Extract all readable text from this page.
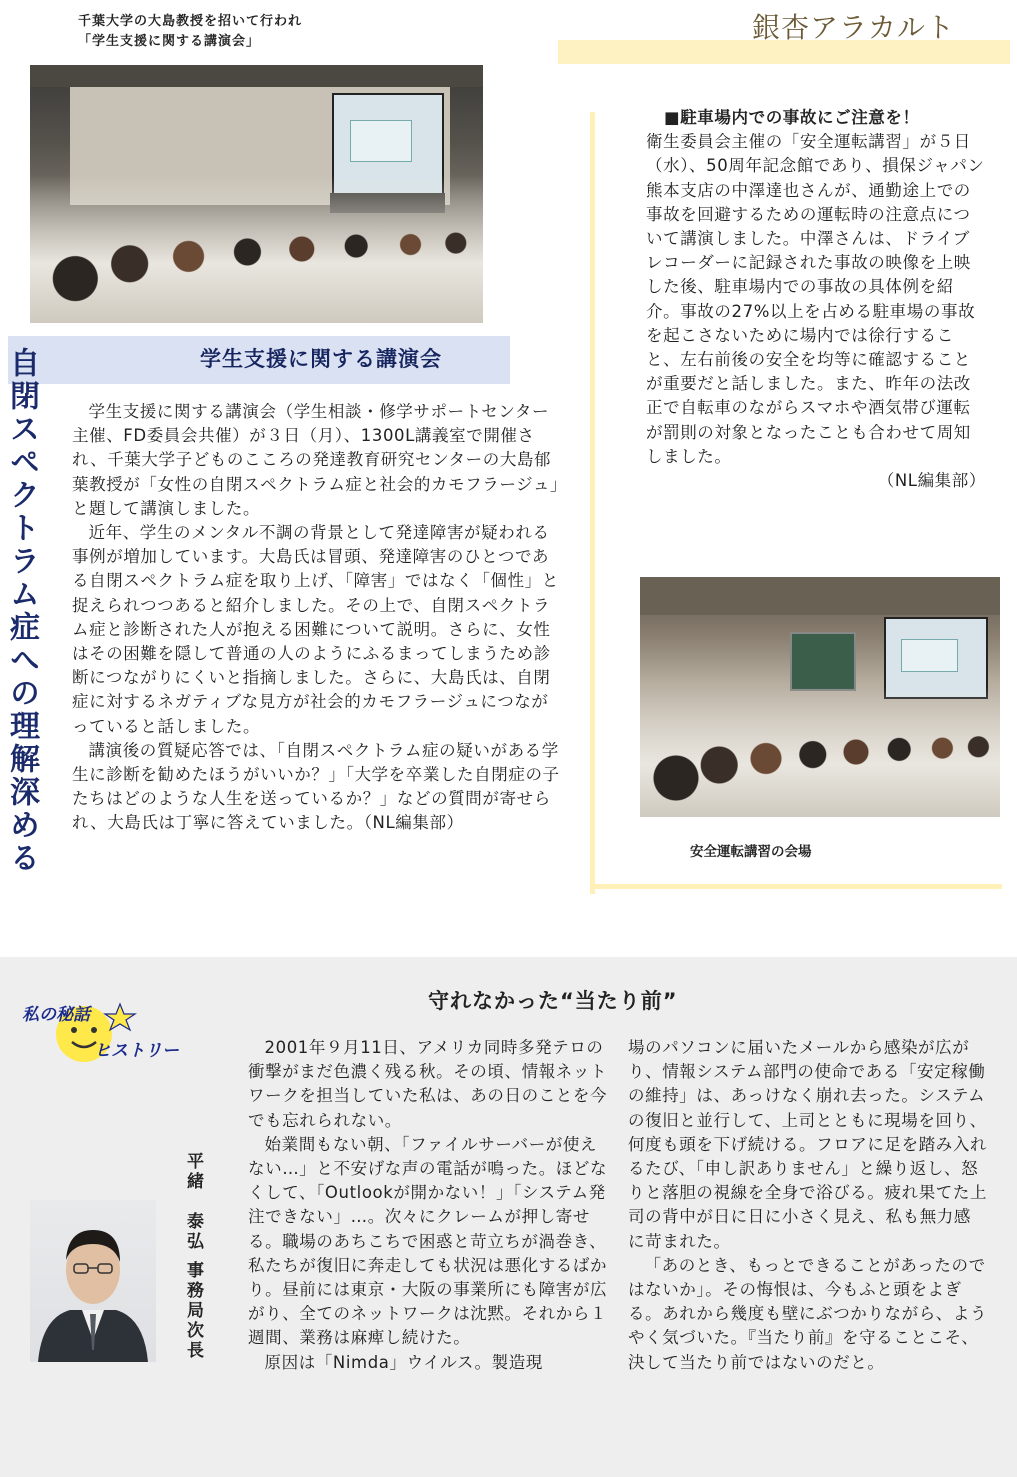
千葉大学の大島教授を招いて行われ
「学生支援に関する講演会」
学生支援に関する講演会
自閉スペクトラム症への理解深める	学生支援に関する講演会（学生相談・修学サポートセンター主催、FD委員会共催）が３日（月）、1300L講義室で開催され、千葉大学子どものこころの発達教育研究センターの大島郁葉教授が「女性の自閉スペクトラム症と社会的カモフラージュ」と題して講演しました。

近年、学生のメンタル不調の背景として発達障害が疑われる事例が増加しています。大島氏は冒頭、発達障害のひとつである自閉スペクトラム症を取り上げ、「障害」ではなく「個性」と捉えられつつあると紹介しました。その上で、自閉スペクトラム症と診断された人が抱える困難について説明。さらに、女性はその困難を隠して普通の人のようにふるまってしまうため診断につながりにくいと指摘しました。さらに、大島氏は、自閉症に対するネガティブな見方が社会的カモフラージュにつながっていると話しました。

講演後の質疑応答では、「自閉スペクトラム症の疑いがある学生に診断を勧めたほうがいいか？」「大学を卒業した自閉症の子たちはどのような人生を送っているか？」などの質問が寄せられ、大島氏は丁寧に答えていました。（NL編集部）

銀杏アラカルト

■駐車場内での事故にご注意を！

衛生委員会主催の「安全運転講習」が５日（水）、50周年記念館であり、損保ジャパン熊本支店の中澤達也さんが、通勤途上での事故を回避するための運転時の注意点について講演しました。中澤さんは、ドライブレコーダーに記録された事故の映像を上映した後、駐車場内での事故の具体例を紹介。事故の27%以上を占める駐車場の事故を起こさないために場内では徐行すること、左右前後の安全を均等に確認することが重要だと話しました。また、昨年の法改正で自転車のながらスマホや酒気帯び運転が罰則の対象となったことも合わせて周知しました。

（NL編集部）

安全運転講習の会場
守れなかった“当たり前”
私の秘話
ヒストリー
平緒　泰弘 事務局次長

2001年９月11日、アメリカ同時多発テロの衝撃がまだ色濃く残る秋。その頃、情報ネットワークを担当していた私は、あの日のことを今でも忘れられない。

始業間もない朝、「ファイルサーバーが使えない…」と不安げな声の電話が鳴った。ほどなくして、「Outlookが開かない！」「システム発注できない」…。次々にクレームが押し寄せる。職場のあちこちで困惑と苛立ちが渦巻き、私たちが復旧に奔走しても状況は悪化するばかり。昼前には東京・大阪の事業所にも障害が広がり、全てのネットワークは沈黙。それから１週間、業務は麻痺し続けた。

原因は「Nimda」ウイルス。製造現

場のパソコンに届いたメールから感染が広がり、情報システム部門の使命である「安定稼働の維持」は、あっけなく崩れ去った。システムの復旧と並行して、上司とともに現場を回り、何度も頭を下げ続ける。フロアに足を踏み入れるたび、「申し訳ありません」と繰り返し、怒りと落胆の視線を全身で浴びる。疲れ果てた上司の背中が日に日に小さく見え、私も無力感に苛まれた。

「あのとき、もっとできることがあったのではないか」。その悔恨は、今もふと頭をよぎる。あれから幾度も壁にぶつかりながら、ようやく気づいた。『当たり前』を守ることこそ、決して当たり前ではないのだと。
